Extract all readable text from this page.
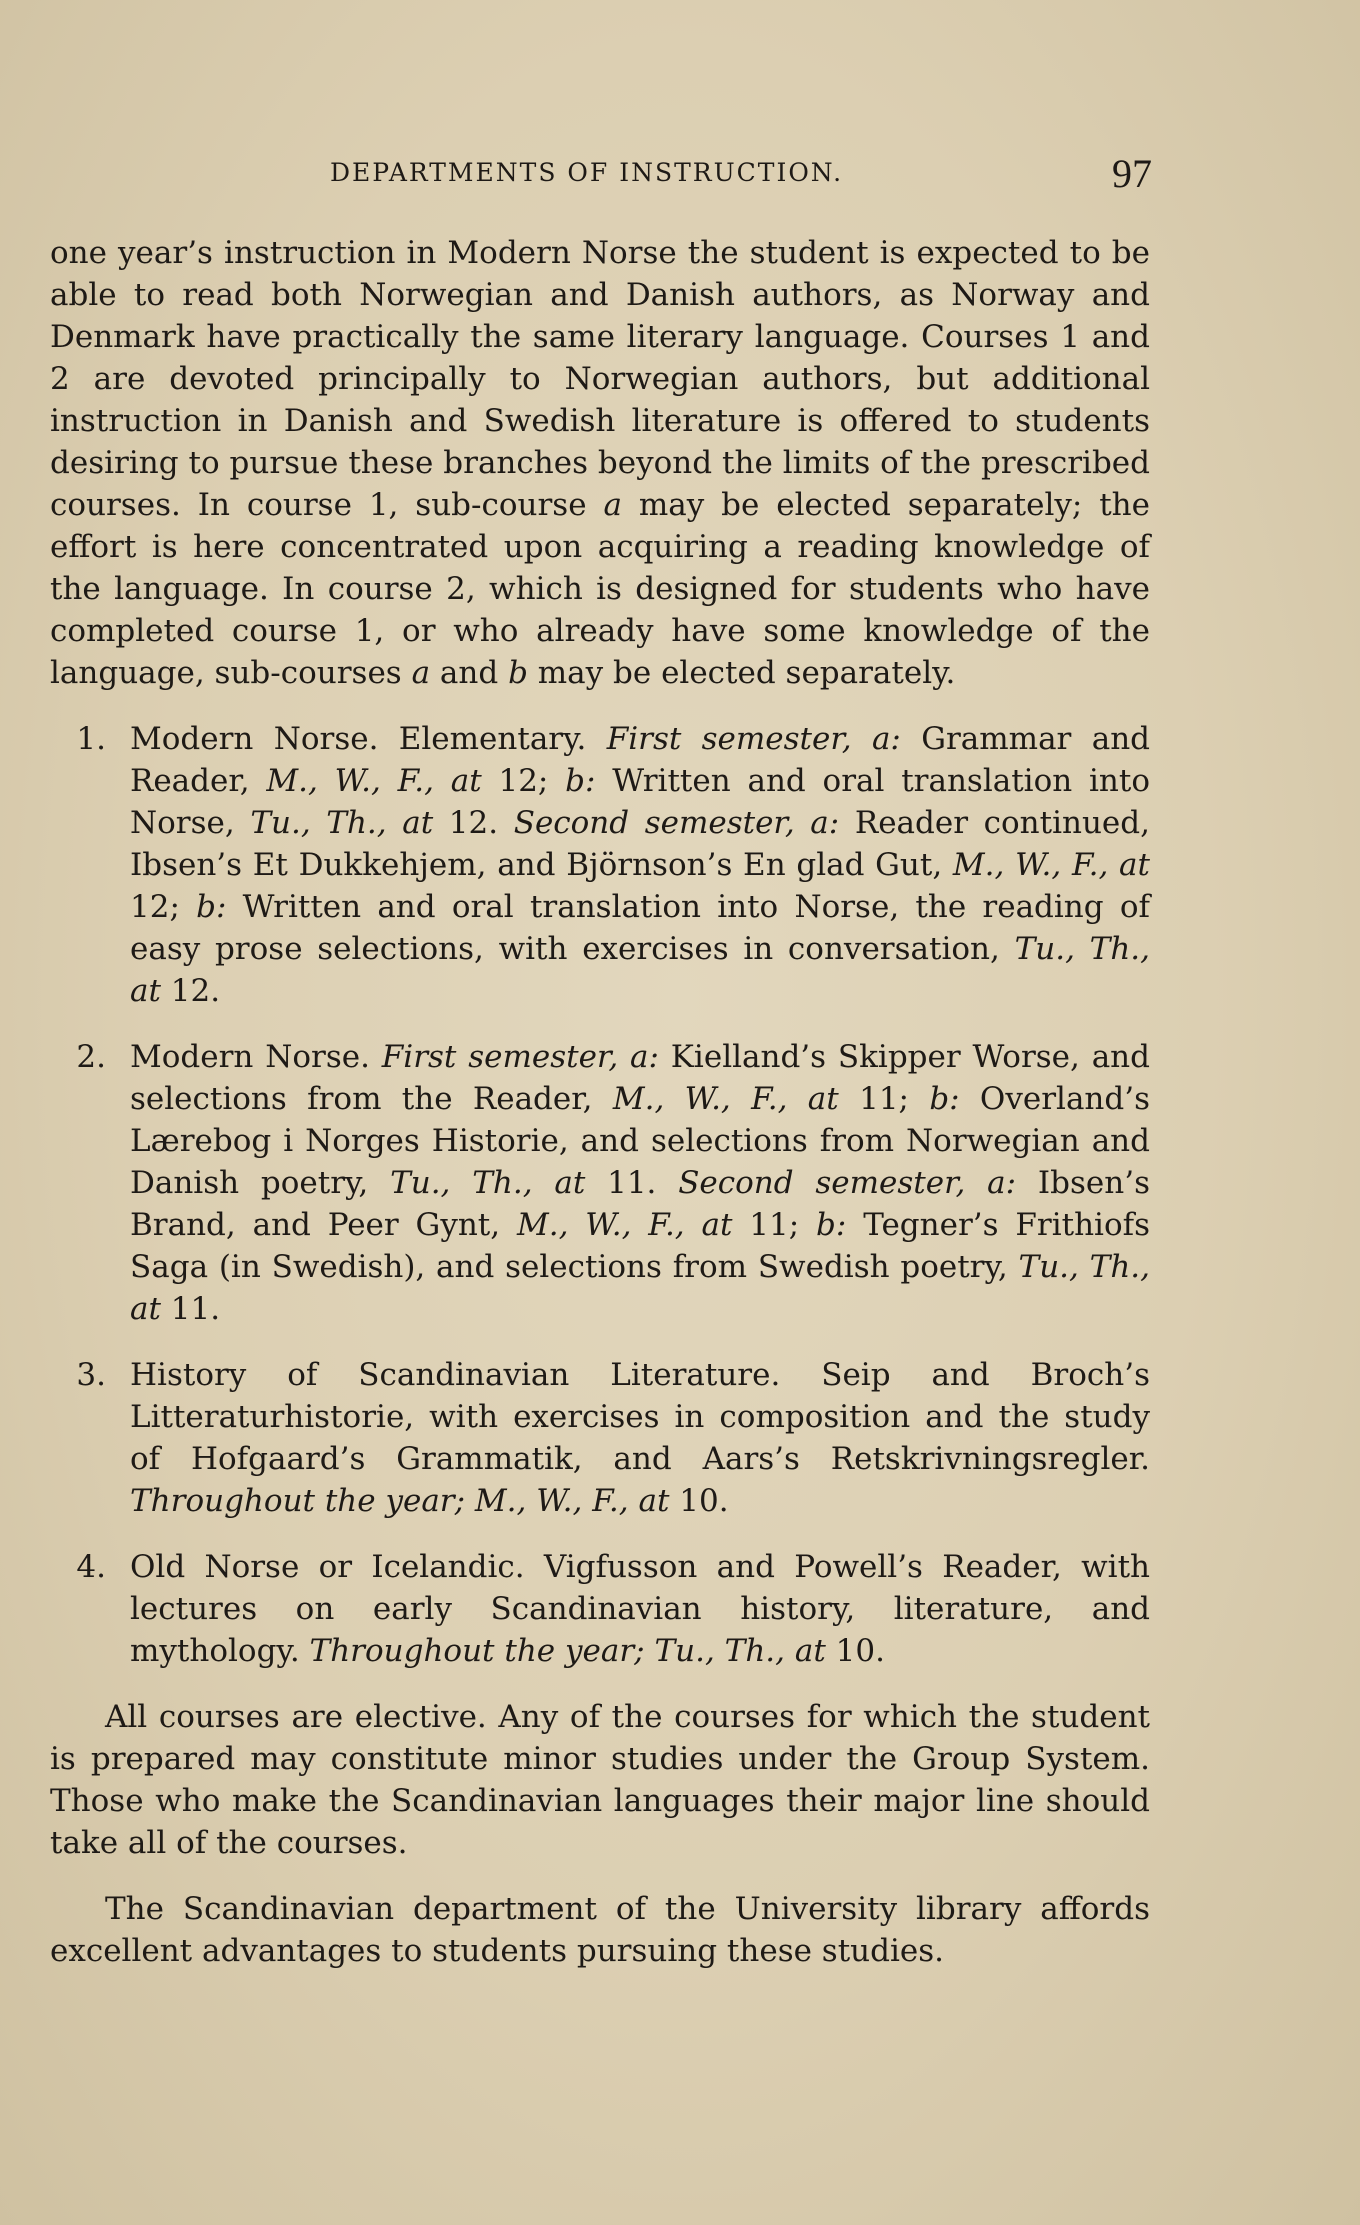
DEPARTMENTS OF INSTRUCTION.	97

one year’s instruction in Modern Norse the student is expected to be able to read both Norwegian and Danish authors, as Norway and Denmark have practically the same literary language. Courses 1 and 2 are devoted principally to Norwegian authors, but additional instruction in Danish and Swedish literature is offered to students desiring to pursue these branches beyond the limits of the prescribed courses. In course 1, sub-course a may be elected separately; the effort is here concentrated upon acquiring a reading knowledge of the language. In course 2, which is designed for students who have completed course 1, or who already have some knowledge of the language, sub-courses a and b may be elected separately.

1. Modern Norse. Elementary. First semester, a: Grammar and Reader, M., W., F., at 12; b: Written and oral translation into Norse, Tu., Th., at 12. Second semester, a: Reader continued, Ibsen’s Et Dukkehjem, and Björnson’s En glad Gut, M., W., F., at 12; b: Written and oral translation into Norse, the reading of easy prose selections, with exercises in conversation, Tu., Th., at 12.
2. Modern Norse. First semester, a: Kielland’s Skipper Worse, and selections from the Reader, M., W., F., at 11; b: Overland’s Lærebog i Norges Historie, and selections from Norwegian and Danish poetry, Tu., Th., at 11. Second semester, a: Ibsen’s Brand, and Peer Gynt, M., W., F., at 11; b: Tegner’s Frithiofs Saga (in Swedish), and selections from Swedish poetry, Tu., Th., at 11.
3. History of Scandinavian Literature. Seip and Broch’s Litteraturhistorie, with exercises in composition and the study of Hofgaard’s Grammatik, and Aars’s Retskrivningsregler. Throughout the year; M., W., F., at 10.
4. Old Norse or Icelandic. Vigfusson and Powell’s Reader, with lectures on early Scandinavian history, literature, and mythology. Throughout the year; Tu., Th., at 10.

All courses are elective. Any of the courses for which the student is prepared may constitute minor studies under the Group System. Those who make the Scandinavian languages their major line should take all of the courses.

The Scandinavian department of the University library affords excellent advantages to students pursuing these studies.
